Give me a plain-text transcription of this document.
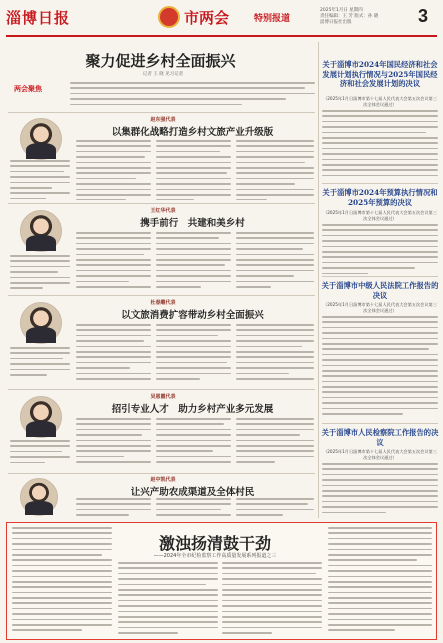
淄博日报	市两会	特别报道
2025年1月日 星期四
责任编辑：王 芳 版式：孙 晓
淄博日报社出版	3
聚力促进乡村全面振兴
记者 王 晓 见习记者
两会聚焦
赵东强代表
以集群化战略打造乡村文旅产业升级版
王红华代表
携手前行　共建和美乡村
杜春雕代表
以文旅消费扩容带动乡村全面振兴
吴恩霞代表
招引专业人才　助力乡村产业多元发展
赵中凯代表
让兴产助农成渠道及全体村民
关于淄博市2024年国民经济和社会发展计划执行情况与2025年国民经济和社会发展计划的决议
（2025年1月日淄博市第十七届人民代表大会第五次会议第三次全体会议通过）
关于淄博市2024年预算执行情况和2025年预算的决议
（2025年1月日淄博市第十七届人民代表大会第五次会议第三次全体会议通过）
关于淄博市中级人民法院工作报告的决议
（2025年1月日淄博市第十七届人民代表大会第五次会议第三次全体会议通过）
关于淄博市人民检察院工作报告的决议
（2025年1月日淄博市第十七届人民代表大会第五次会议第三次全体会议通过）
激浊扬清鼓干劲
——2024年全市纪检监察工作高质量发展系列报道之三
